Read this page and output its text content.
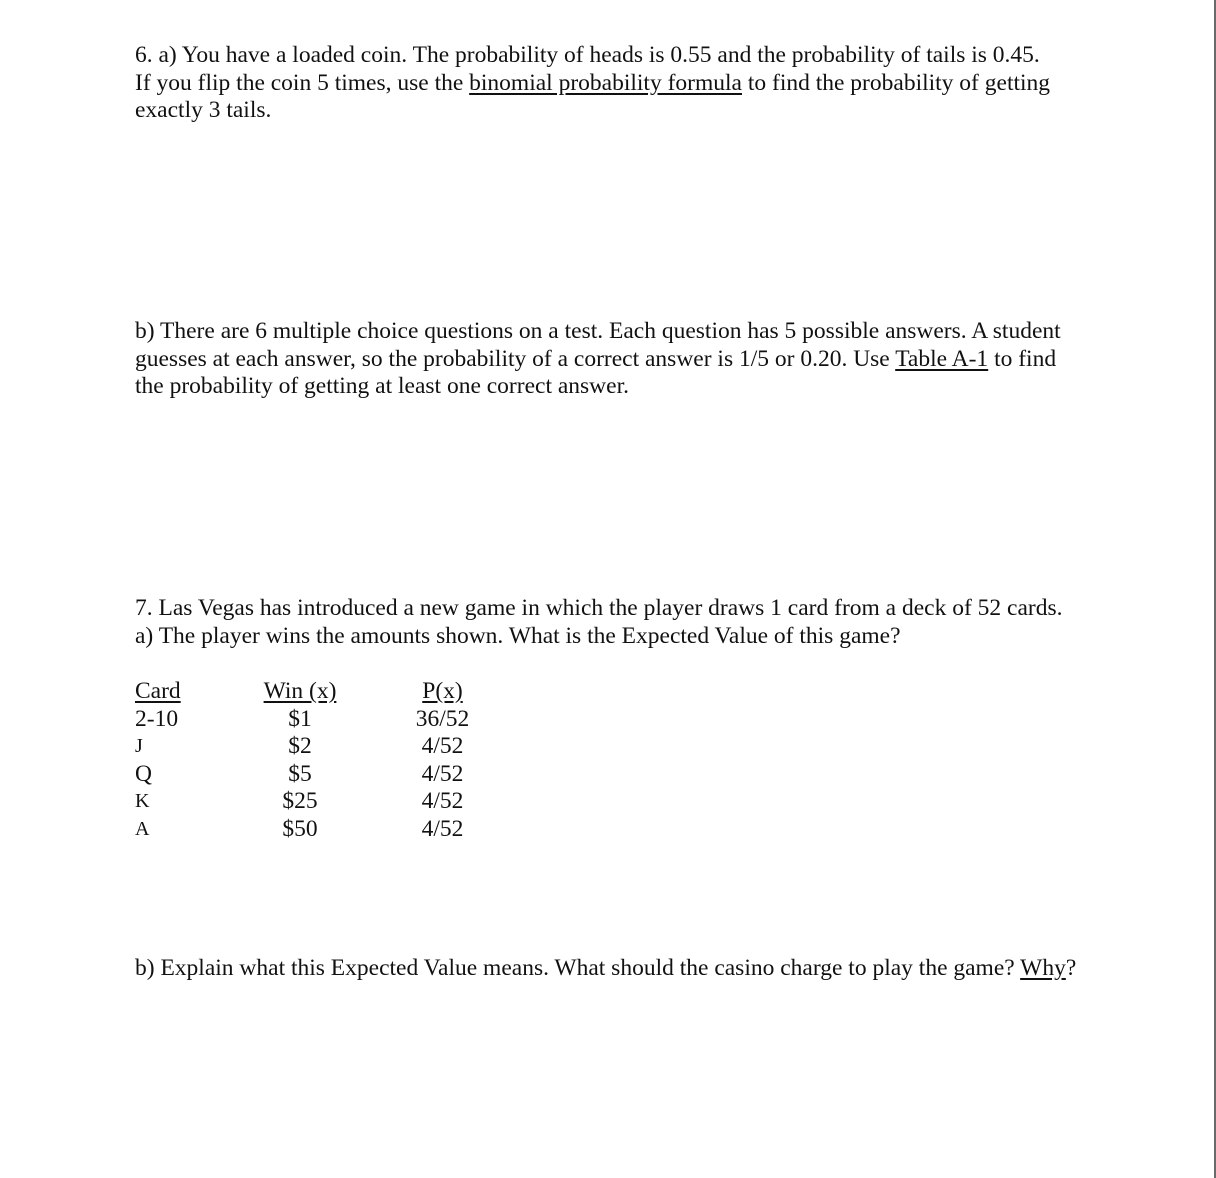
6. a) You have a loaded coin. The probability of heads is 0.55 and the probability of tails is 0.45.
If you flip the coin 5 times, use the binomial probability formula to find the probability of getting
exactly 3 tails.
b) There are 6 multiple choice questions on a test. Each question has 5 possible answers. A student
guesses at each answer, so the probability of a correct answer is 1/5 or 0.20. Use Table A-1 to find
the probability of getting at least one correct answer.
7. Las Vegas has introduced a new game in which the player draws 1 card from a deck of 52 cards.
a) The player wins the amounts shown. What is the Expected Value of this game?
Card
2-10
J
Q
K
A
Win (x)
$1
$2
$5
$25
$50
P(x)
36/52
4/52
4/52
4/52
4/52
b) Explain what this Expected Value means. What should the casino charge to play the game? Why?
